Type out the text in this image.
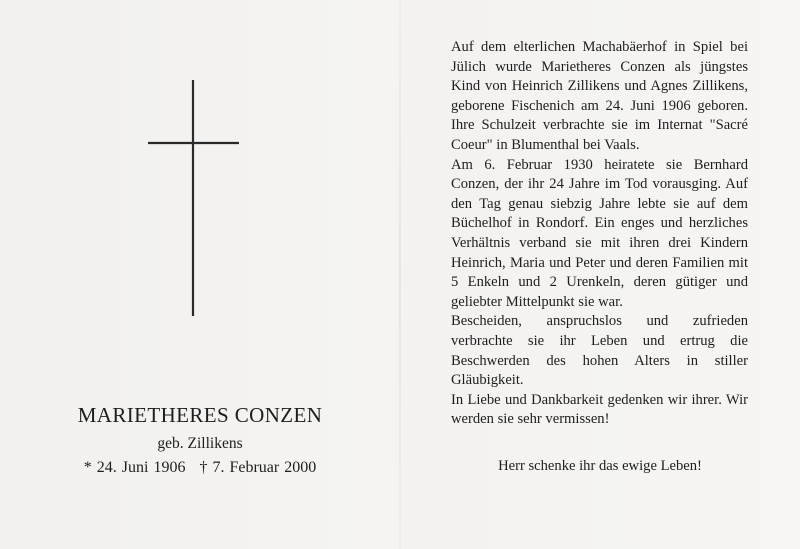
MARIETHERES CONZEN
geb. Zillikens
* 24. Juni 1906 † 7. Februar 2000

Auf dem elterlichen Machabäerhof in Spiel bei Jülich wurde Marietheres Conzen als jüngstes Kind von Heinrich Zillikens und Agnes Zillikens, geborene Fischenich am 24. Juni 1906 geboren. Ihre Schulzeit verbrachte sie im Internat "Sacré Coeur" in Blumenthal bei Vaals.

Am 6. Februar 1930 heiratete sie Bernhard Conzen, der ihr 24 Jahre im Tod vorausging. Auf den Tag genau siebzig Jahre lebte sie auf dem Büchelhof in Rondorf. Ein enges und herzliches Verhältnis verband sie mit ihren drei Kindern Heinrich, Maria und Peter und deren Familien mit 5 Enkeln und 2 Urenkeln, deren gütiger und geliebter Mittelpunkt sie war.

Bescheiden, anspruchslos und zufrieden verbrachte sie ihr Leben und ertrug die Beschwerden des hohen Alters in stiller Gläubigkeit.

In Liebe und Dankbarkeit gedenken wir ihrer. Wir werden sie sehr vermissen!

Herr schenke ihr das ewige Leben!
